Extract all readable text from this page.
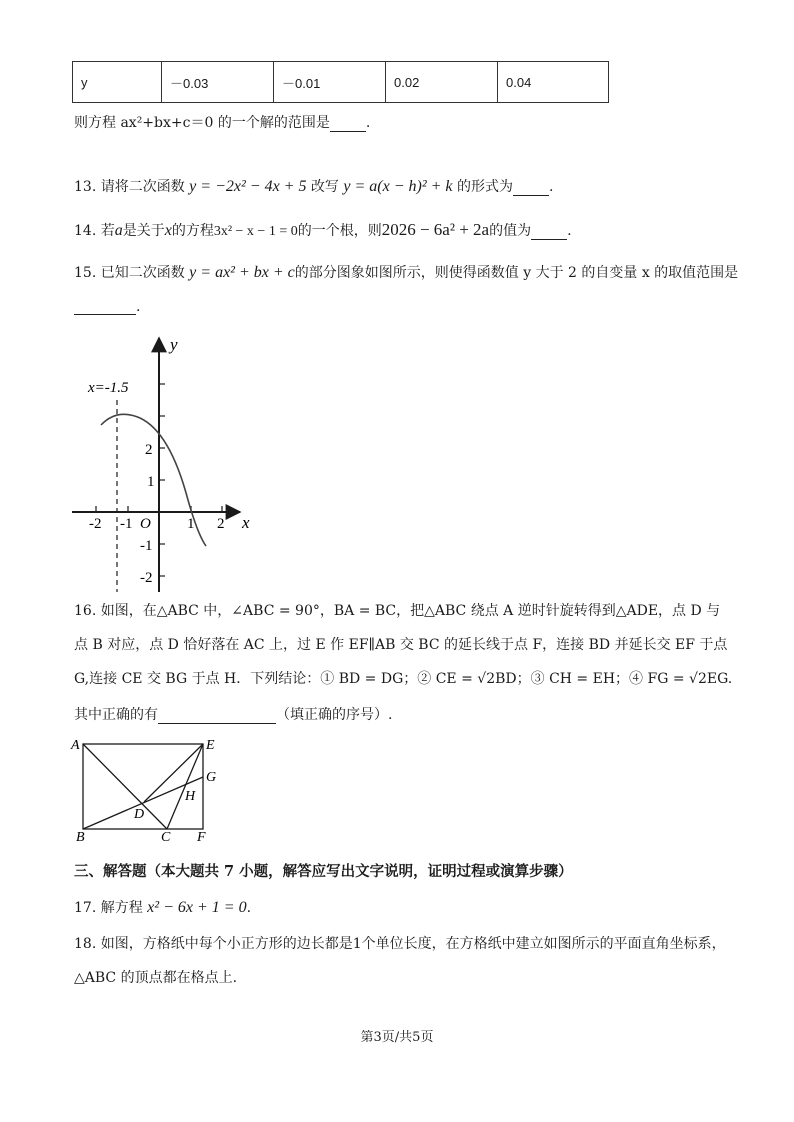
y	－0.03	－0.01	0.02	0.04
则方程 ax²+bx+c＝0 的一个解的范围是	.
13. 请将二次函数 y = −2x² − 4x + 5 改写 y = a(x − h)² + k 的形式为	.
14. 若a是关于x的方程3x² − x − 1 = 0的一个根，则2026 − 6a² + 2a的值为	.
15. 已知二次函数 y = ax² + bx + c的部分图象如图所示，则使得函数值 y 大于 2 的自变量 x 的取值范围是
.
x=-1.5
y
x
O
-2 -1	1 2
2
1
-1
-2
16. 如图，在△ABC 中，∠ABC = 90°，BA = BC，把△ABC 绕点 A 逆时针旋转得到△ADE，点 D 与
点 B 对应，点 D 恰好落在 AC 上，过 E 作 EF∥AB 交 BC 的延长线于点 F，连接 BD 并延长交 EF 于点
G,连接 CE 交 BG 于点 H．下列结论：① BD = DG；② CE = √2BD；③ CH = EH；④ FG = √2EG.
其中正确的有	（填正确的序号）.
A	E
G
H
D
B	C F
三、解答题（本大题共 7 小题，解答应写出文字说明，证明过程或演算步骤）
17. 解方程 x² − 6x + 1 = 0.
18. 如图，方格纸中每个小正方形的边长都是1个单位长度，在方格纸中建立如图所示的平面直角坐标系，
△ABC 的顶点都在格点上.
第3页/共5页
